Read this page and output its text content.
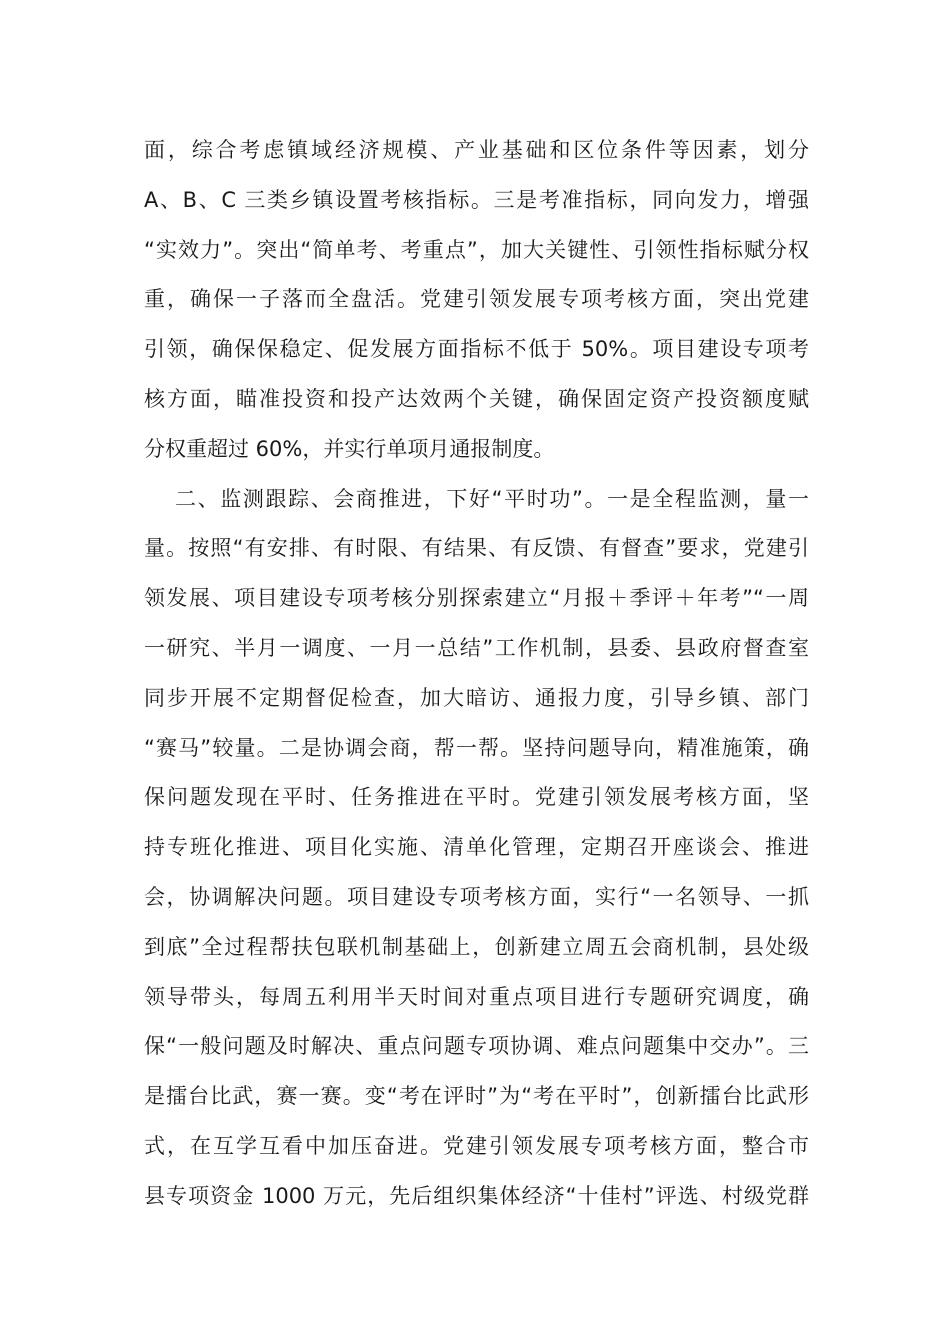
面，综合考虑镇域经济规模、产业基础和区位条件等因素，划分
A、B、C 三类乡镇设置考核指标。三是考准指标，同向发力，增强
“实效力”。突出“简单考、考重点”，加大关键性、引领性指标赋分权
重，确保一子落而全盘活。党建引领发展专项考核方面，突出党建
引领，确保保稳定、促发展方面指标不低于 50%。项目建设专项考
核方面，瞄准投资和投产达效两个关键，确保固定资产投资额度赋
分权重超过 60%，并实行单项月通报制度。
二、监测跟踪、会商推进，下好“平时功”。一是全程监测，量一
量。按照“有安排、有时限、有结果、有反馈、有督查”要求，党建引
领发展、项目建设专项考核分别探索建立“月报＋季评＋年考”“一周
一研究、半月一调度、一月一总结”工作机制，县委、县政府督查室
同步开展不定期督促检查，加大暗访、通报力度，引导乡镇、部门
“赛马”较量。二是协调会商，帮一帮。坚持问题导向，精准施策，确
保问题发现在平时、任务推进在平时。党建引领发展考核方面，坚
持专班化推进、项目化实施、清单化管理，定期召开座谈会、推进
会，协调解决问题。项目建设专项考核方面，实行“一名领导、一抓
到底”全过程帮扶包联机制基础上，创新建立周五会商机制，县处级
领导带头，每周五利用半天时间对重点项目进行专题研究调度，确
保“一般问题及时解决、重点问题专项协调、难点问题集中交办”。三
是擂台比武，赛一赛。变“考在评时”为“考在平时”，创新擂台比武形
式，在互学互看中加压奋进。党建引领发展专项考核方面，整合市
县专项资金 1000 万元，先后组织集体经济“十佳村”评选、村级党群
